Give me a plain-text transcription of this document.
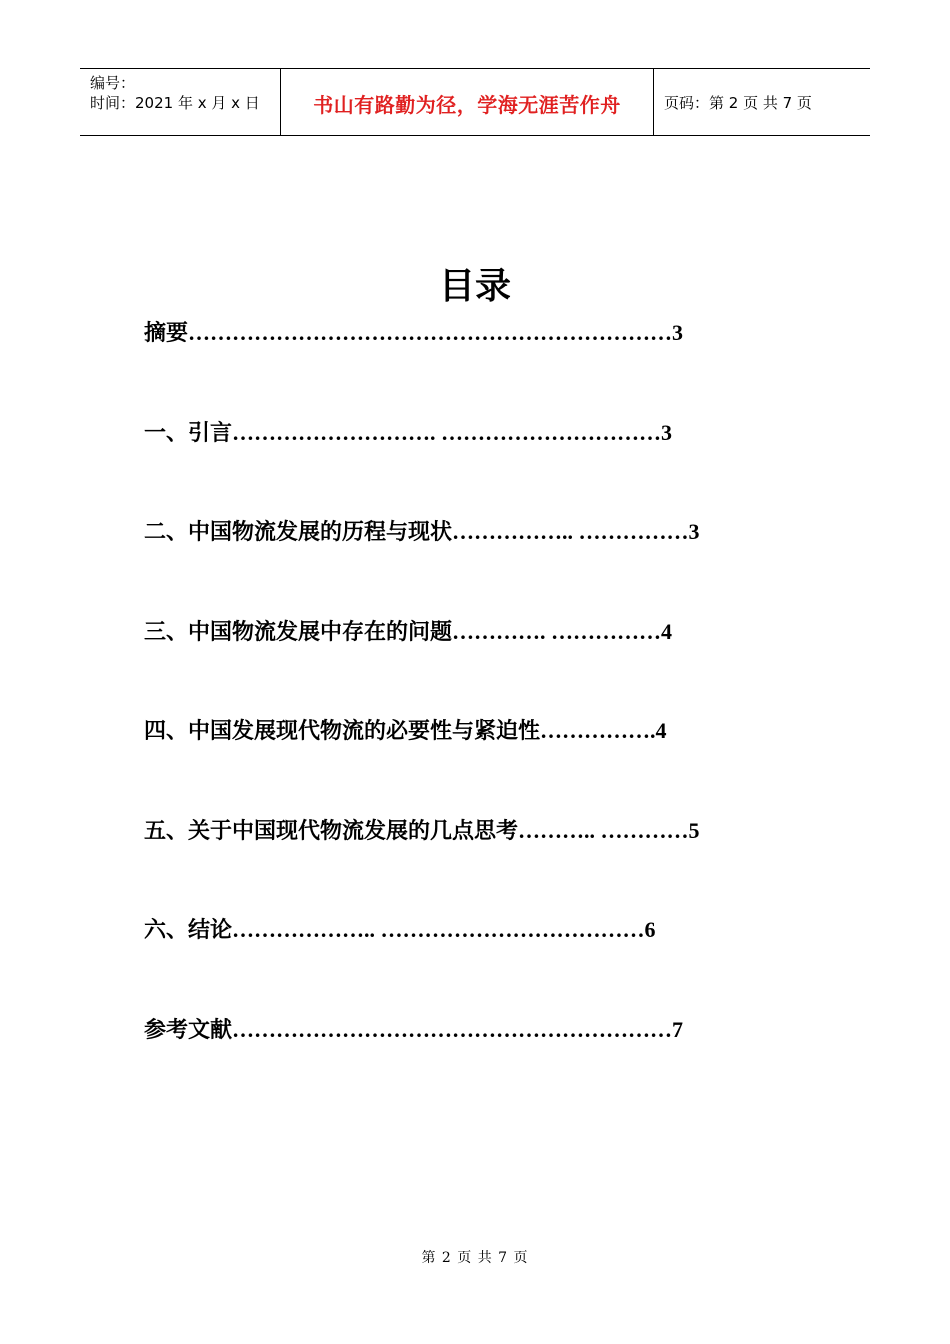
编号：
时间：2021 年 x 月 x 日	书山有路勤为径，学海无涯苦作舟	页码：第 2 页 共 7 页
目录
摘要…………………………………………………………3
一、引言………………………. …………………………3
二、中国物流发展的历程与现状…………….. ……………3
三、中国物流发展中存在的问题…………. ……………4
四、中国发展现代物流的必要性与紧迫性…………….4
五、关于中国现代物流发展的几点思考……….. …………5
六、结论……………….. ………………………………6
参考文献……………………………………………………7
第 2 页 共 7 页
